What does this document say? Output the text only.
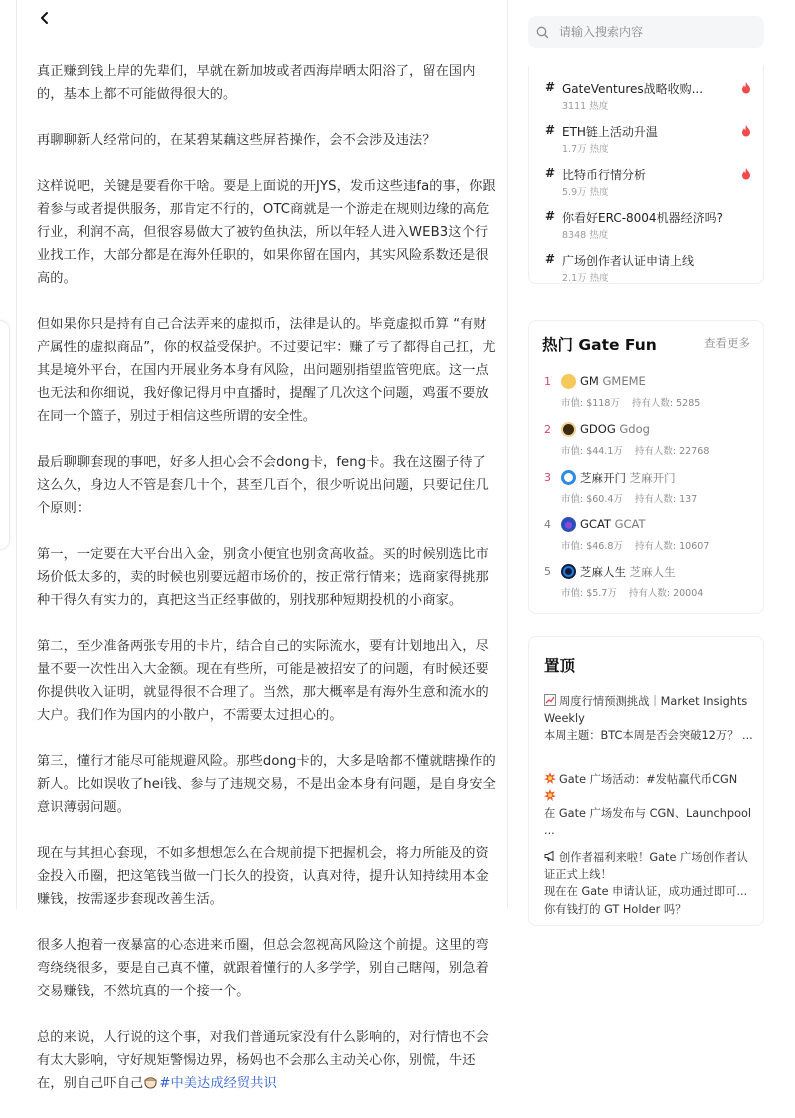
真正赚到钱上岸的先辈们，早就在新加坡或者西海岸晒太阳浴了，留在国内的，基本上都不可能做得很大的。

再聊聊新人经常问的，在某碧某藕这些屏苔操作，会不会涉及违法？

这样说吧，关键是要看你干啥。要是上面说的开JYS，发币这些违fa的事，你跟着参与或者提供服务，那肯定不行的，OTC商就是一个游走在规则边缘的高危行业，利润不高，但很容易做大了被钓鱼执法，所以年轻人进入WEB3这个行业找工作，大部分都是在海外任职的，如果你留在国内，其实风险系数还是很高的。

但如果你只是持有自己合法弄来的虚拟币，法律是认的。毕竟虚拟币算 “有财产属性的虚拟商品”，你的权益受保护。不过要记牢：赚了亏了都得自己扛，尤其是境外平台，在国内开展业务本身有风险，出问题别指望监管兜底。这一点也无法和你细说，我好像记得月中直播时，提醒了几次这个问题，鸡蛋不要放在同一个篮子，别过于相信这些所谓的安全性。

最后聊聊套现的事吧，好多人担心会不会dong卡，feng卡。我在这圈子待了这么久，身边人不管是套几十个，甚至几百个，很少听说出问题，只要记住几个原则：

第一，一定要在大平台出入金，别贪小便宜也别贪高收益。买的时候别选比市场价低太多的，卖的时候也别要远超市场价的，按正常行情来；选商家得挑那种干得久有实力的，真把这当正经事做的，别找那种短期投机的小商家。

第二，至少准备两张专用的卡片，结合自己的实际流水，要有计划地出入，尽量不要一次性出入大金额。现在有些所，可能是被招安了的问题，有时候还要你提供收入证明，就显得很不合理了。当然，那大概率是有海外生意和流水的大户。我们作为国内的小散户，不需要太过担心的。

第三，懂行才能尽可能规避风险。那些dong卡的，大多是啥都不懂就瞎操作的新人。比如误收了hei钱、参与了违规交易，不是出金本身有问题，是自身安全意识薄弱问题。

现在与其担心套现，不如多想想怎么在合规前提下把握机会，将力所能及的资金投入币圈，把这笔钱当做一门长久的投资，认真对待，提升认知持续用本金赚钱，按需逐步套现改善生活。

很多人抱着一夜暴富的心态进来币圈，但总会忽视高风险这个前提。这里的弯弯绕绕很多，要是自己真不懂，就跟着懂行的人多学学，别自己瞎闯，别急着交易赚钱，不然坑真的一个接一个。

总的来说，人行说的这个事，对我们普通玩家没有什么影响的，对行情也不会有太大影响，守好规矩警惕边界，杨妈也不会那么主动关心你，别慌，牛还在，别自己吓自己 #中美达成经贸共识

请输入搜索内容
# GateVentures战略收购...
3111 热度
# ETH链上活动升温
1.7万 热度
# 比特币行情分析
5.9万 热度
# 你看好ERC-8004机器经济吗?
8348 热度
# 广场创作者认证申请上线
2.1万 热度
热门 Gate Fun	查看更多
1	GM GMEME
市值: $118万 持有人数: 5285
2	GDOG Gdog
市值: $44.1万 持有人数: 22768
3	芝麻开门 芝麻开门
市值: $60.4万 持有人数: 137
4	GCAT GCAT
市值: $46.8万 持有人数: 10607
5	芝麻人生 芝麻人生
市值: $5.7万 持有人数: 20004
置顶
周度行情预测挑战｜Market Insights Weekly
本周主题：BTC本周是否会突破12万？ ...
Gate 广场活动：#发帖赢代币CGN

在 Gate 广场发布与 CGN、Launchpool ...
创作者福利来啦！Gate 广场创作者认证正式上线！
现在在 Gate 申请认证，成功通过即可...
你有钱打的 GT Holder 吗？
